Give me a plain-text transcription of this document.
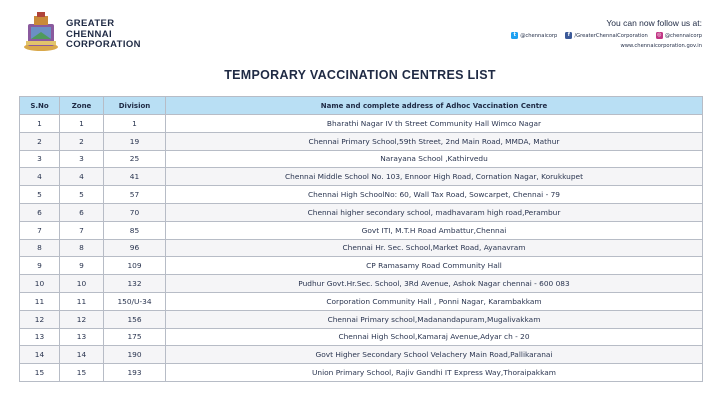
GREATER
CHENNAI
CORPORATION
You can now follow us at:
t @chennaicorp	f /GreaterChennaiCorporation ◎ @chennaicorp
www.chennaicorporation.gov.in
TEMPORARY VACCINATION CENTRES LIST
S.No	Zone	Division	Name and complete address of Adhoc Vaccination Centre
1	1	1	Bharathi Nagar IV th Street Community Hall Wimco Nagar
2	2	19	Chennai Primary School,59th Street, 2nd Main Road, MMDA, Mathur
3	3	25	Narayana School ,Kathirvedu
4	4	41	Chennai Middle School No. 103, Ennoor High Road, Cornation Nagar, Korukkupet
5	5	57	Chennai High SchoolNo: 60, Wall Tax Road, Sowcarpet, Chennai - 79
6	6	70	Chennai higher secondary school, madhavaram high road,Perambur
7	7	85	Govt ITI, M.T.H Road Ambattur,Chennai
8	8	96	Chennai Hr. Sec. School,Market Road, Ayanavram
9	9	109	CP Ramasamy Road Community Hall
10	10	132	Pudhur Govt.Hr.Sec. School, 3Rd Avenue, Ashok Nagar chennai - 600 083
11	11	150/U-34	Corporation Community Hall , Ponni Nagar, Karambakkam
12	12	156	Chennai Primary school,Madanandapuram,Mugalivakkam
13	13	175	Chennai High School,Kamaraj Avenue,Adyar ch - 20
14	14	190	Govt Higher Secondary School Velachery Main Road,Pallikaranai
15	15	193	Union Primary School, Rajiv Gandhi IT Express Way,Thoraipakkam
